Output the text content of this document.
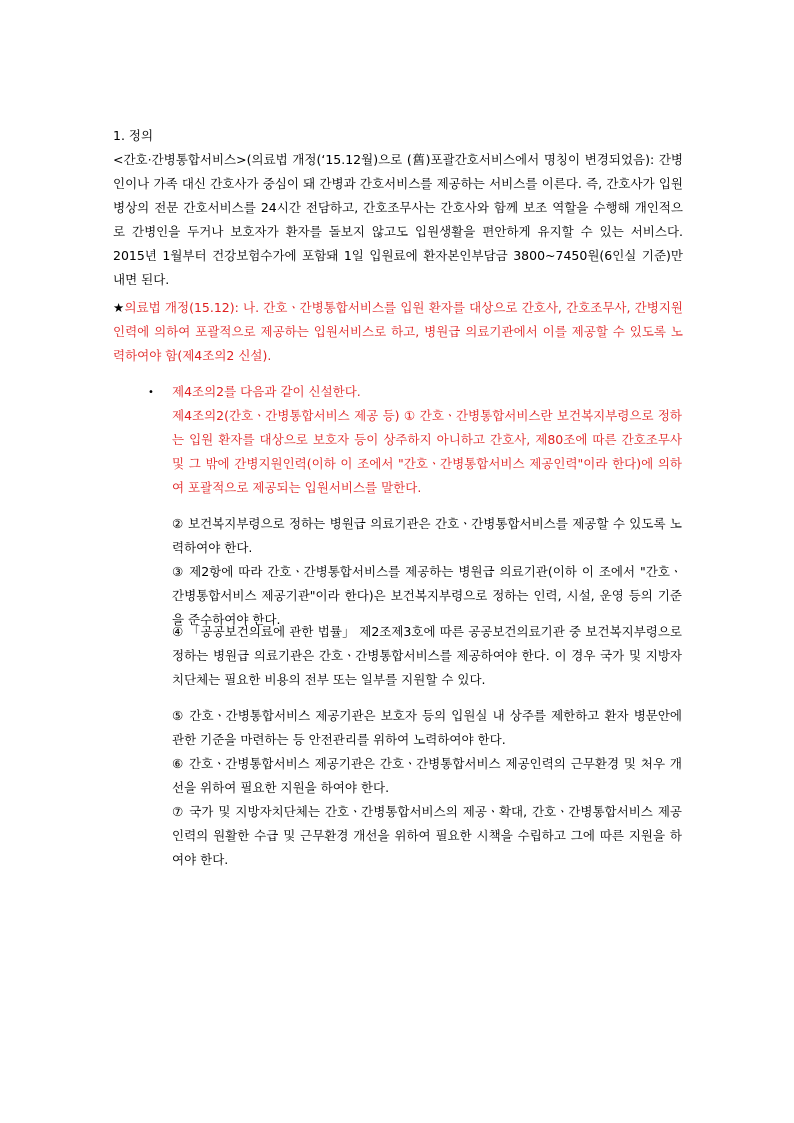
1. 정의

<간호·간병통합서비스>(의료법 개정(‘15.12월)으로 (舊)포괄간호서비스에서 명칭이 변경되었음): 간병인이나 가족 대신 간호사가 중심이 돼 간병과 간호서비스를 제공하는 서비스를 이른다. 즉, 간호사가 입원 병상의 전문 간호서비스를 24시간 전담하고, 간호조무사는 간호사와 함께 보조 역할을 수행해 개인적으로 간병인을 두거나 보호자가 환자를 돌보지 않고도 입원생활을 편안하게 유지할 수 있는 서비스다. 2015년 1월부터 건강보험수가에 포함돼 1일 입원료에 환자본인부담금 3800~7450원(6인실 기준)만 내면 된다.

★의료법 개정(15.12): 나. 간호ㆍ간병통합서비스를 입원 환자를 대상으로 간호사, 간호조무사, 간병지원인력에 의하여 포괄적으로 제공하는 입원서비스로 하고, 병원급 의료기관에서 이를 제공할 수 있도록 노력하여야 함(제4조의2 신설).

• 제4조의2를 다음과 같이 신설한다.

제4조의2(간호ㆍ간병통합서비스 제공 등) ① 간호ㆍ간병통합서비스란 보건복지부령으로 정하는 입원 환자를 대상으로 보호자 등이 상주하지 아니하고 간호사, 제80조에 따른 간호조무사 및 그 밖에 간병지원인력(이하 이 조에서 "간호ㆍ간병통합서비스 제공인력"이라 한다)에 의하여 포괄적으로 제공되는 입원서비스를 말한다.

② 보건복지부령으로 정하는 병원급 의료기관은 간호ㆍ간병통합서비스를 제공할 수 있도록 노력하여야 한다.

③ 제2항에 따라 간호ㆍ간병통합서비스를 제공하는 병원급 의료기관(이하 이 조에서 "간호ㆍ간병통합서비스 제공기관"이라 한다)은 보건복지부령으로 정하는 인력, 시설, 운영 등의 기준을 준수하여야 한다.

④ 「공공보건의료에 관한 법률」 제2조제3호에 따른 공공보건의료기관 중 보건복지부령으로 정하는 병원급 의료기관은 간호ㆍ간병통합서비스를 제공하여야 한다. 이 경우 국가 및 지방자치단체는 필요한 비용의 전부 또는 일부를 지원할 수 있다.

⑤ 간호ㆍ간병통합서비스 제공기관은 보호자 등의 입원실 내 상주를 제한하고 환자 병문안에 관한 기준을 마련하는 등 안전관리를 위하여 노력하여야 한다.

⑥ 간호ㆍ간병통합서비스 제공기관은 간호ㆍ간병통합서비스 제공인력의 근무환경 및 처우 개선을 위하여 필요한 지원을 하여야 한다.

⑦ 국가 및 지방자치단체는 간호ㆍ간병통합서비스의 제공ㆍ확대, 간호ㆍ간병통합서비스 제공인력의 원활한 수급 및 근무환경 개선을 위하여 필요한 시책을 수립하고 그에 따른 지원을 하여야 한다.
